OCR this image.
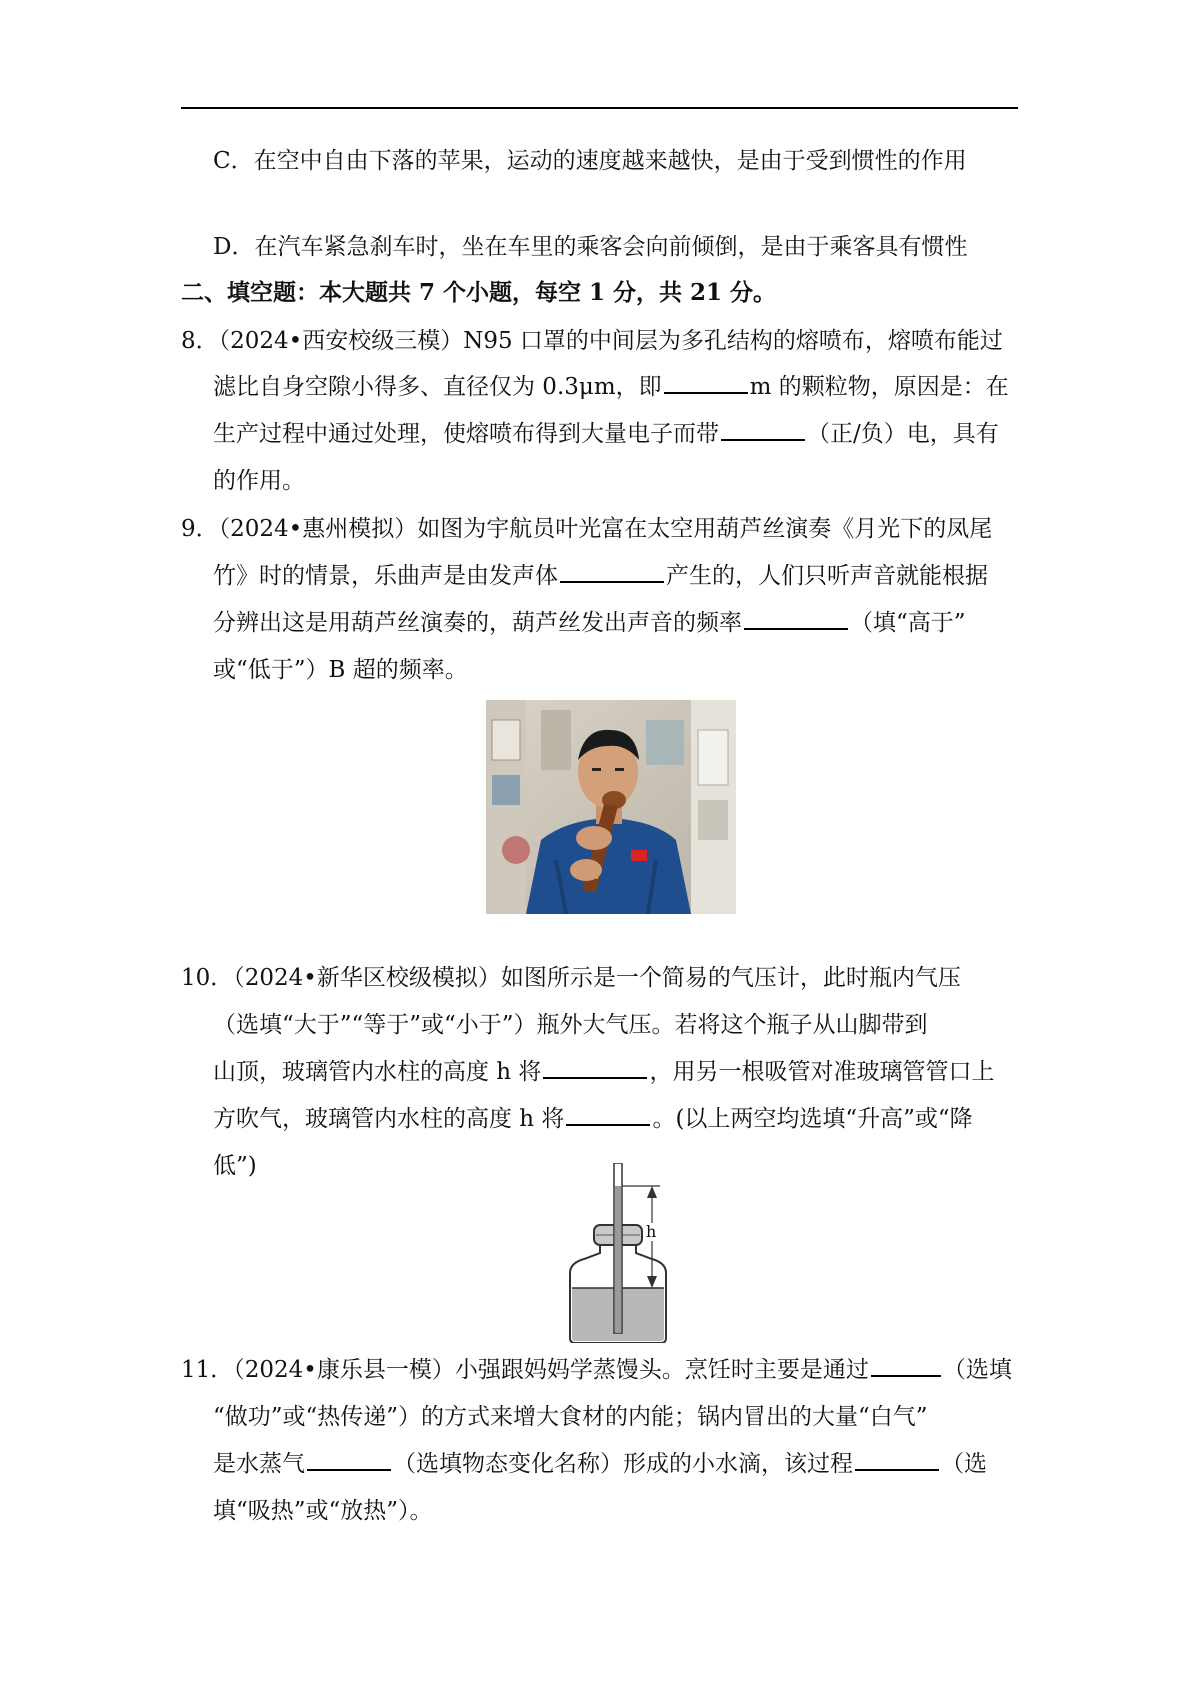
C．在空中自由下落的苹果，运动的速度越来越快，是由于受到惯性的作用
D．在汽车紧急刹车时，坐在车里的乘客会向前倾倒，是由于乘客具有惯性
二、填空题：本大题共 7 个小题，每空 1 分，共 21 分。
8．（2024•西安校级三模）N95 口罩的中间层为多孔结构的熔喷布，熔喷布能过
滤比自身空隙小得多、直径仅为 0.3μm，即	m 的颗粒物，原因是：在
生产过程中通过处理，使熔喷布得到大量电子而带	（正/负）电，具有
的作用。
9．（2024•惠州模拟）如图为宇航员叶光富在太空用葫芦丝演奏《月光下的凤尾
竹》时的情景，乐曲声是由发声体	产生的，人们只听声音就能根据
分辨出这是用葫芦丝演奏的，葫芦丝发出声音的频率	（填“高于”
或“低于”）B 超的频率。
10．（2024•新华区校级模拟）如图所示是一个简易的气压计，此时瓶内气压
（选填“大于”“等于”或“小于”）瓶外大气压。若将这个瓶子从山脚带到
山顶，玻璃管内水柱的高度 h 将	，用另一根吸管对准玻璃管管口上
方吹气，玻璃管内水柱的高度 h 将	。(以上两空均选填“升高”或“降
低”)
h
11．（2024•康乐县一模）小强跟妈妈学蒸馒头。烹饪时主要是通过	（选填
“做功”或“热传递”）的方式来增大食材的内能；锅内冒出的大量“白气”
是水蒸气	（选填物态变化名称）形成的小水滴，该过程	（选
填“吸热”或“放热”）。
